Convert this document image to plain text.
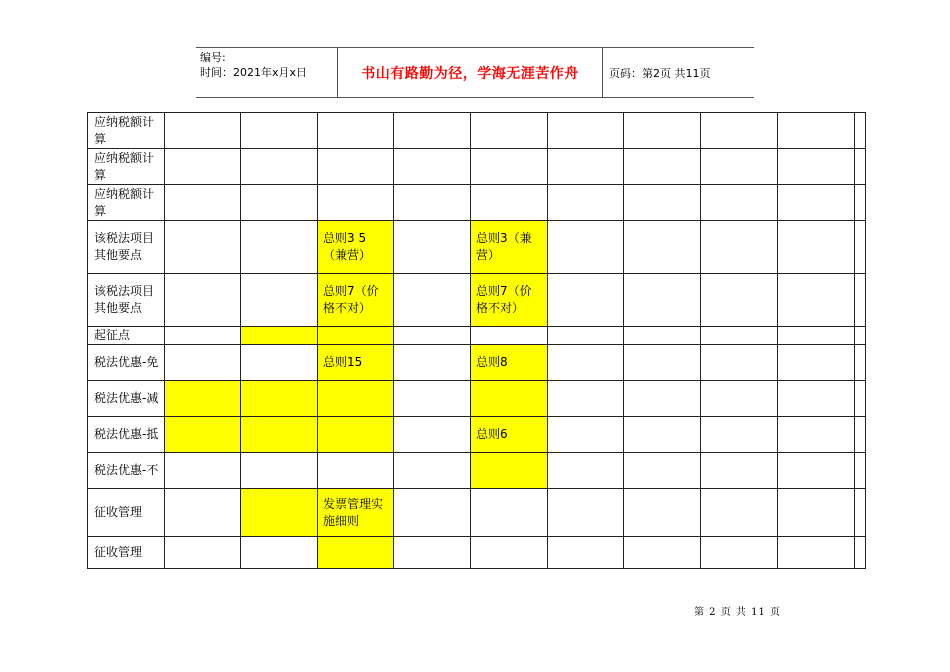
编号:
时间：2021年x月x日	书山有路勤为径，学海无涯苦作舟	页码：第2页 共11页
应纳税额计算										
应纳税额计算										
应纳税额计算										
该税法项目其他要点			总则3 5（兼营）		总则3（兼营）					
该税法项目其他要点			总则7（价格不对）		总则7（价格不对）					
起征点										
税法优惠-免			总则15		总则8					
税法优惠-减										
税法优惠-抵					总则6					
税法优惠-不										
征收管理			发票管理实施细则							
征收管理										
第 2 页 共 11 页
